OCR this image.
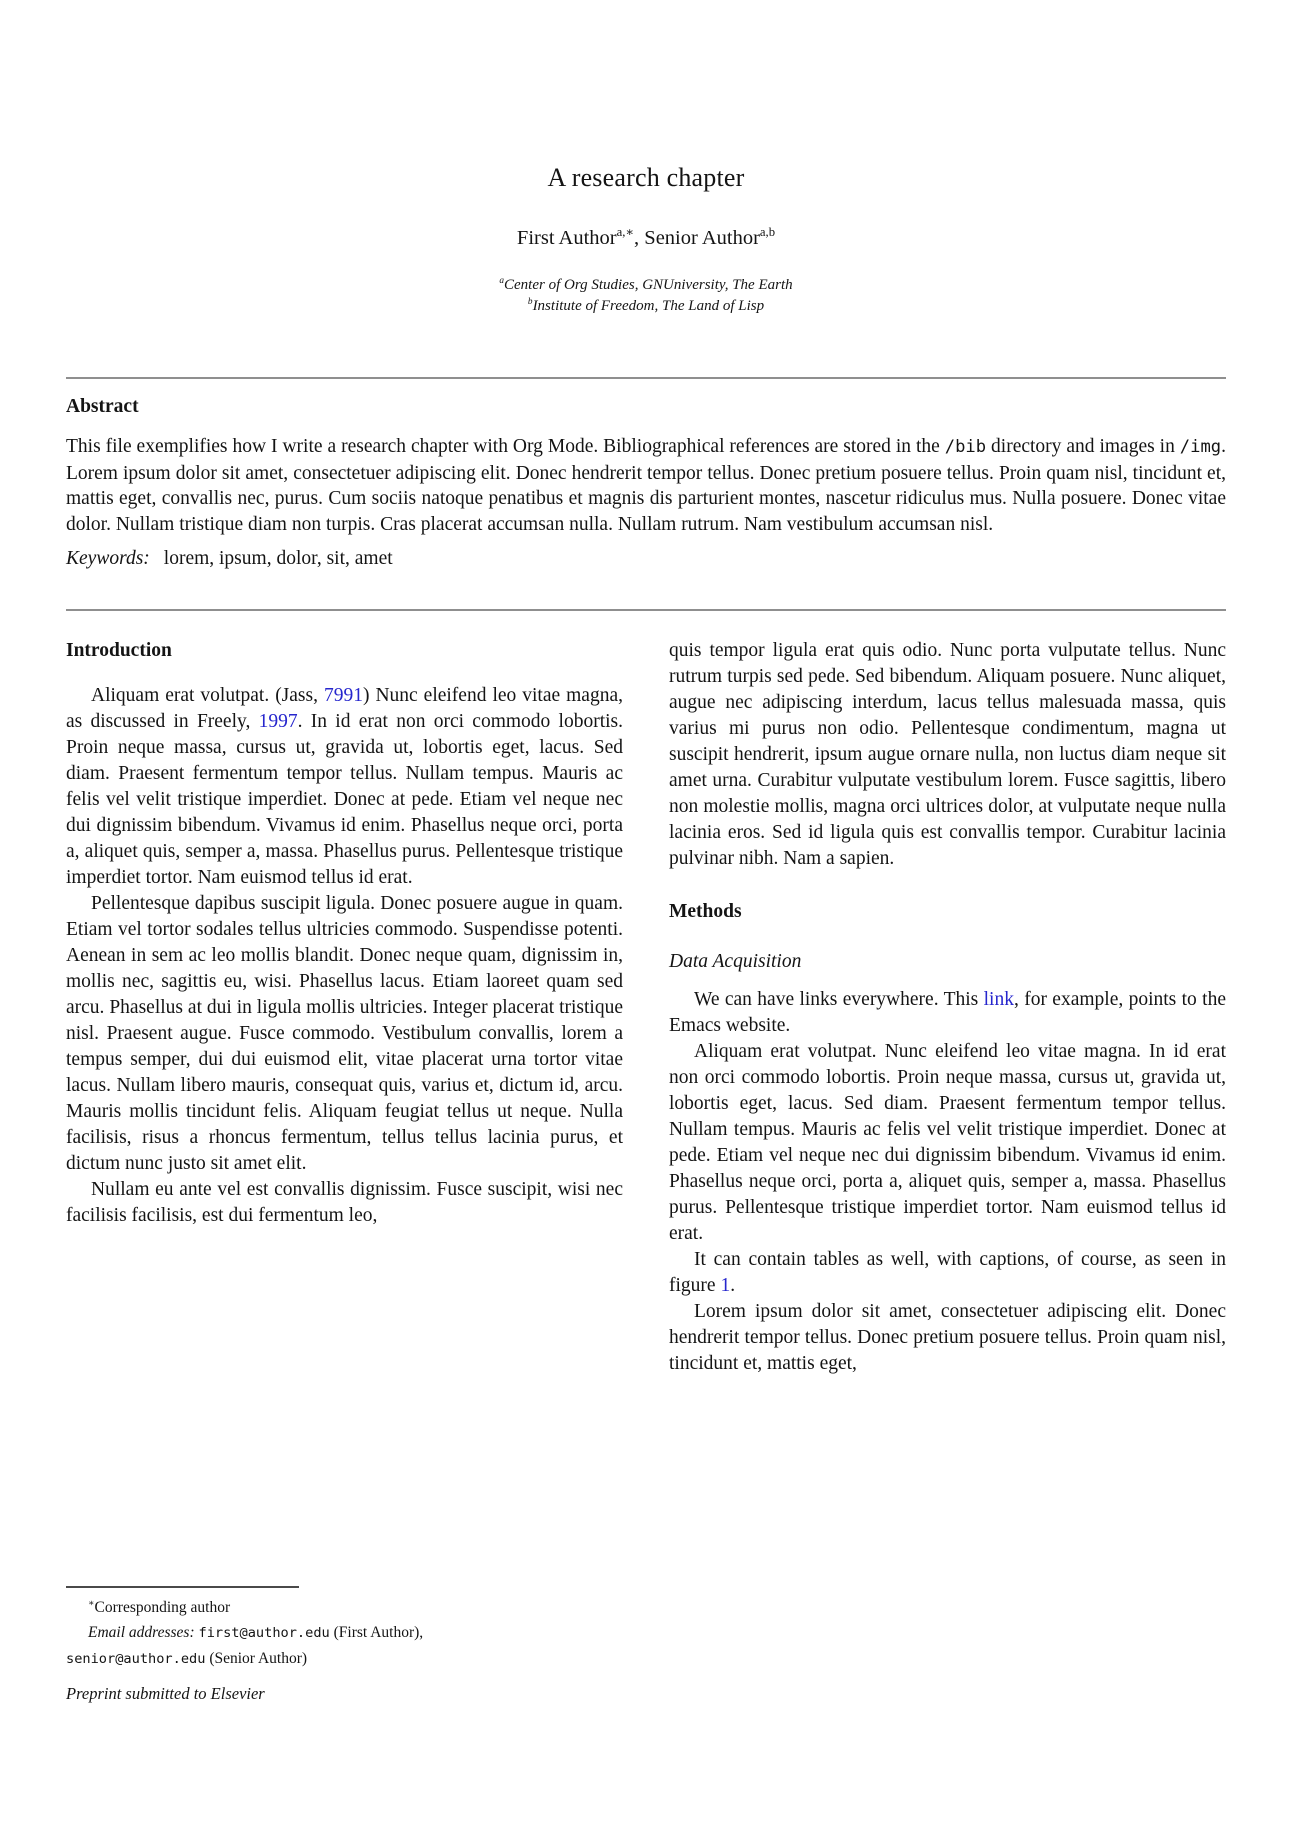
A research chapter
First Author$^{a,∗}$, Senior Author$^{a,b}$
$^a$Center of Org Studies, GNUniversity, The Earth
$^b$Institute of Freedom, The Land of Lisp
Abstract

This file exemplifies how I write a research chapter with Org Mode. Bibliographical references are stored in the /bib directory and images in /img. Lorem ipsum dolor sit amet, consectetuer adipiscing elit. Donec hendrerit tempor tellus. Donec pretium posuere tellus. Proin quam nisl, tincidunt et, mattis eget, convallis nec, purus. Cum sociis natoque penatibus et magnis dis parturient montes, nascetur ridiculus mus. Nulla posuere. Donec vitae dolor. Nullam tristique diam non turpis. Cras placerat accumsan nulla. Nullam rutrum. Nam vestibulum accumsan nisl.

Keywords: lorem, ipsum, dolor, sit, amet

Introduction

Aliquam erat volutpat. (Jass, 7991) Nunc eleifend leo vitae magna, as discussed in Freely, 1997. In id erat non orci commodo lobortis. Proin neque massa, cursus ut, gravida ut, lobortis eget, lacus. Sed diam. Praesent fermentum tempor tellus. Nullam tempus. Mauris ac felis vel velit tristique imperdiet. Donec at pede. Etiam vel neque nec dui dignissim bibendum. Vivamus id enim. Phasellus neque orci, porta a, aliquet quis, semper a, massa. Phasellus purus. Pellentesque tristique imperdiet tortor. Nam euismod tellus id erat.

Pellentesque dapibus suscipit ligula. Donec posuere augue in quam. Etiam vel tortor sodales tellus ultricies commodo. Suspendisse potenti. Aenean in sem ac leo mollis blandit. Donec neque quam, dignissim in, mollis nec, sagittis eu, wisi. Phasellus lacus. Etiam laoreet quam sed arcu. Phasellus at dui in ligula mollis ultricies. Integer placerat tristique nisl. Praesent augue. Fusce commodo. Vestibulum convallis, lorem a tempus semper, dui dui euismod elit, vitae placerat urna tortor vitae lacus. Nullam libero mauris, consequat quis, varius et, dictum id, arcu. Mauris mollis tincidunt felis. Aliquam feugiat tellus ut neque. Nulla facilisis, risus a rhoncus fermentum, tellus tellus lacinia purus, et dictum nunc justo sit amet elit.

Nullam eu ante vel est convallis dignissim. Fusce suscipit, wisi nec facilisis facilisis, est dui fermentum leo,

quis tempor ligula erat quis odio. Nunc porta vulputate tellus. Nunc rutrum turpis sed pede. Sed bibendum. Aliquam posuere. Nunc aliquet, augue nec adipiscing interdum, lacus tellus malesuada massa, quis varius mi purus non odio. Pellentesque condimentum, magna ut suscipit hendrerit, ipsum augue ornare nulla, non luctus diam neque sit amet urna. Curabitur vulputate vestibulum lorem. Fusce sagittis, libero non molestie mollis, magna orci ultrices dolor, at vulputate neque nulla lacinia eros. Sed id ligula quis est convallis tempor. Curabitur lacinia pulvinar nibh. Nam a sapien.

Methods
Data Acquisition

We can have links everywhere. This link, for example, points to the Emacs website.

Aliquam erat volutpat. Nunc eleifend leo vitae magna. In id erat non orci commodo lobortis. Proin neque massa, cursus ut, gravida ut, lobortis eget, lacus. Sed diam. Praesent fermentum tempor tellus. Nullam tempus. Mauris ac felis vel velit tristique imperdiet. Donec at pede. Etiam vel neque nec dui dignissim bibendum. Vivamus id enim. Phasellus neque orci, porta a, aliquet quis, semper a, massa. Phasellus purus. Pellentesque tristique imperdiet tortor. Nam euismod tellus id erat.

It can contain tables as well, with captions, of course, as seen in figure 1.

Lorem ipsum dolor sit amet, consectetuer adipiscing elit. Donec hendrerit tempor tellus. Donec pretium posuere tellus. Proin quam nisl, tincidunt et, mattis eget,

∗Corresponding author
Email addresses: first@author.edu (First Author),
senior@author.edu (Senior Author)
Preprint submitted to Elsevier
